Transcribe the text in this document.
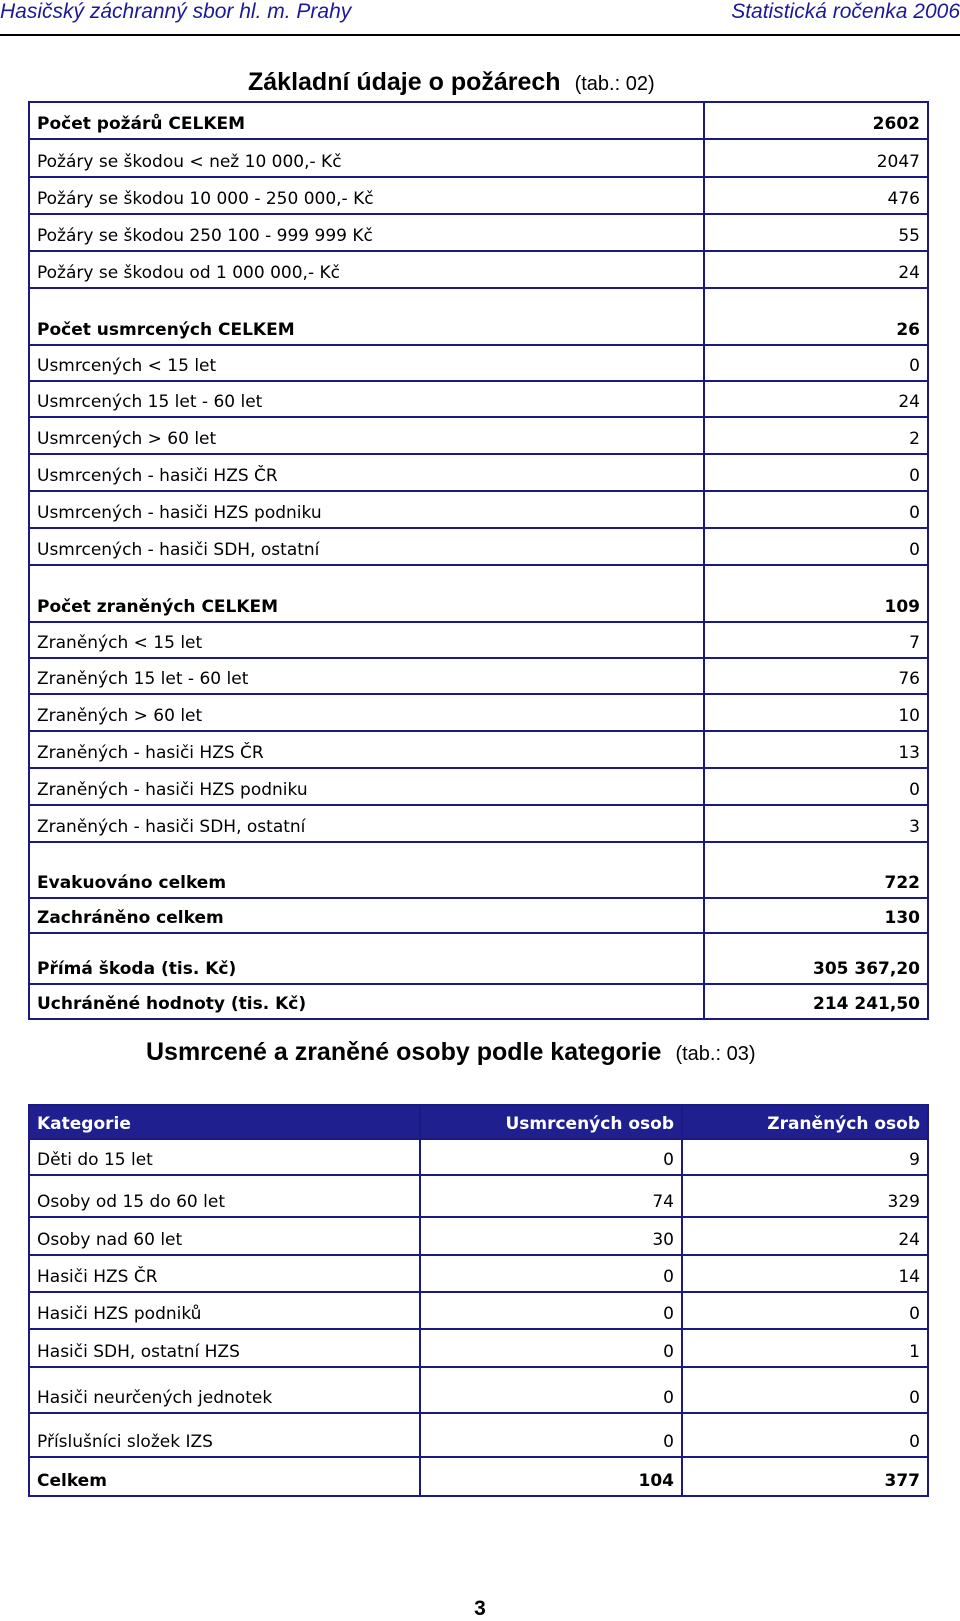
Hasičský záchranný sbor hl. m. Prahy	Statistická ročenka 2006
Základní údaje o požárech (tab.: 02)
Počet požárů CELKEM	2602
Požáry se škodou < než 10 000,- Kč	2047
Požáry se škodou 10 000 - 250 000,- Kč	476
Požáry se škodou 250 100 - 999 999 Kč	55
Požáry se škodou od 1 000 000,- Kč	24
Počet usmrcených CELKEM	26
Usmrcených < 15 let	0
Usmrcených 15 let - 60 let	24
Usmrcených > 60 let	2
Usmrcených - hasiči HZS ČR	0
Usmrcených - hasiči HZS podniku	0
Usmrcených - hasiči SDH, ostatní	0
Počet zraněných CELKEM	109
Zraněných < 15 let	7
Zraněných 15 let - 60 let	76
Zraněných > 60 let	10
Zraněných - hasiči HZS ČR	13
Zraněných - hasiči HZS podniku	0
Zraněných - hasiči SDH, ostatní	3
Evakuováno celkem	722
Zachráněno celkem	130
Přímá škoda (tis. Kč)	305 367,20
Uchráněné hodnoty (tis. Kč)	214 241,50
Usmrcené a zraněné osoby podle kategorie (tab.: 03)
Kategorie	Usmrcených osob	Zraněných osob
Děti do 15 let	0	9
Osoby od 15 do 60 let	74	329
Osoby nad 60 let	30	24
Hasiči HZS ČR	0	14
Hasiči HZS podniků	0	0
Hasiči SDH, ostatní HZS	0	1
Hasiči neurčených jednotek	0	0
Příslušníci složek IZS	0	0
Celkem	104	377
3
